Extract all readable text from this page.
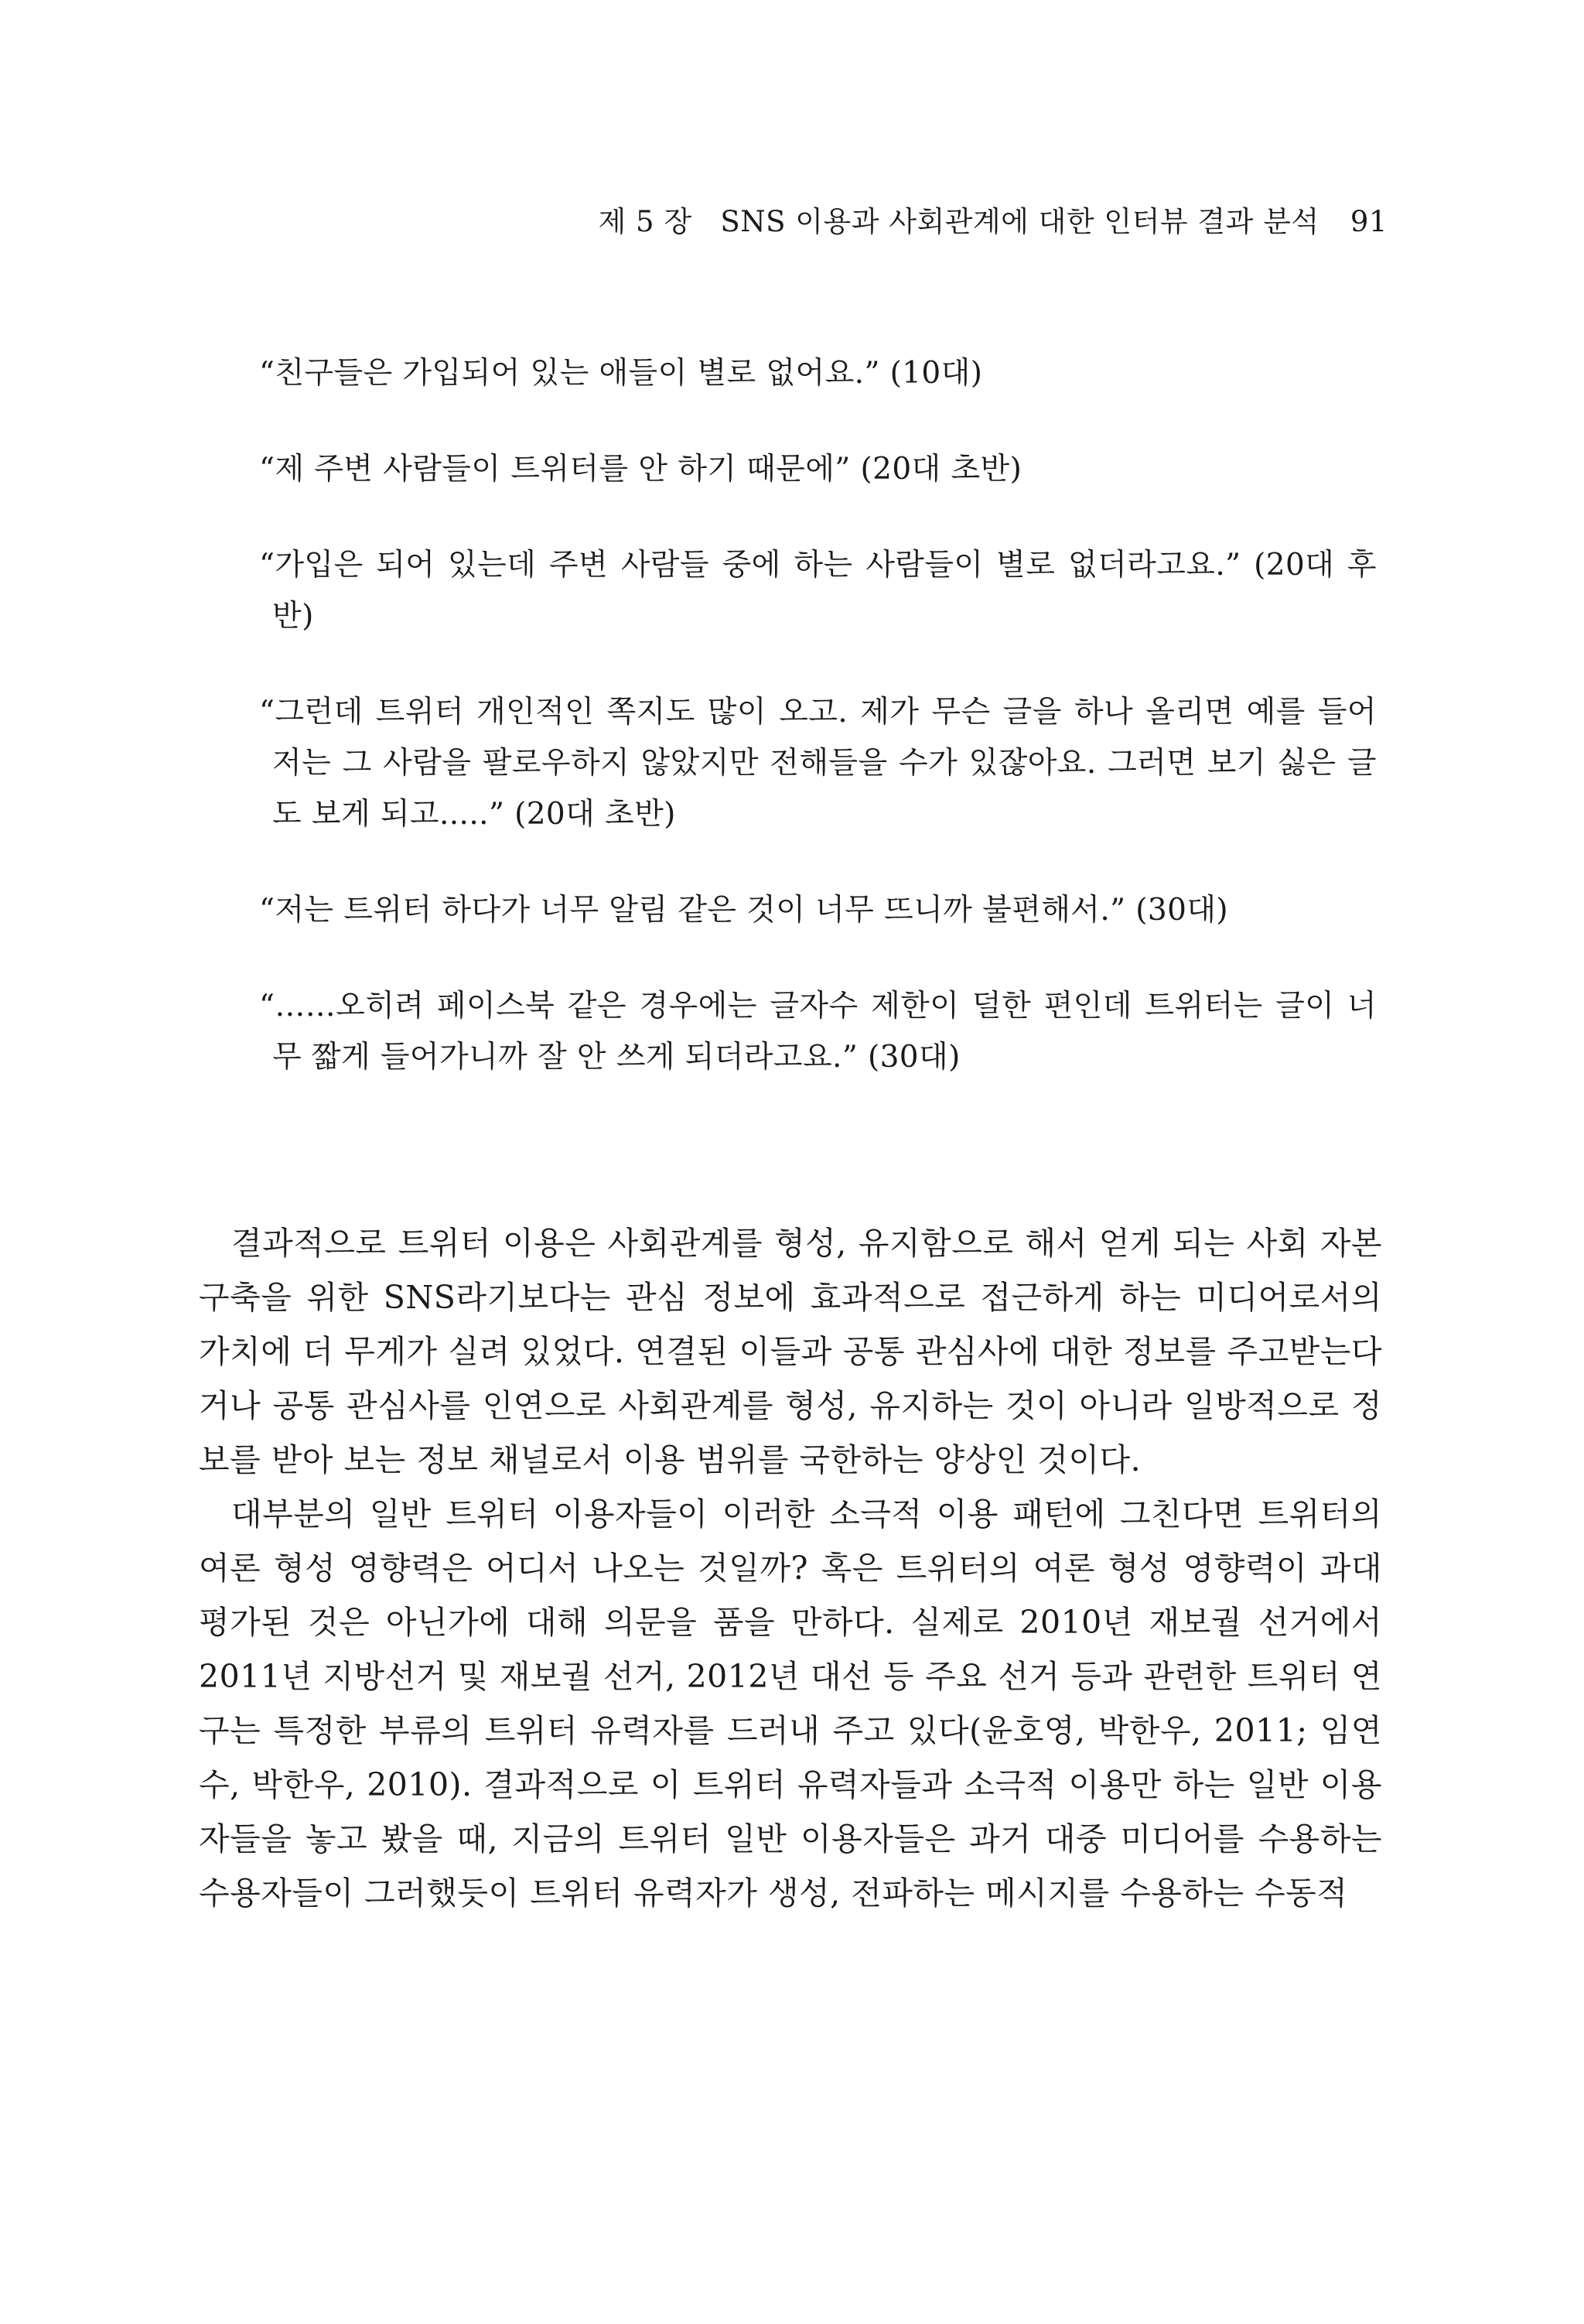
제 5 장 SNS 이용과 사회관계에 대한 인터뷰 결과 분석 91

“친구들은 가입되어 있는 애들이 별로 없어요.” (10대)

“제 주변 사람들이 트위터를 안 하기 때문에” (20대 초반)

“가입은 되어 있는데 주변 사람들 중에 하는 사람들이 별로 없더라고요.” (20대 후반)

“그런데 트위터 개인적인 쪽지도 많이 오고. 제가 무슨 글을 하나 올리면 예를 들어 저는 그 사람을 팔로우하지 않았지만 전해들을 수가 있잖아요. 그러면 보기 싫은 글도 보게 되고.....” (20대 초반)

“저는 트위터 하다가 너무 알림 같은 것이 너무 뜨니까 불편해서.” (30대)

“……오히려 페이스북 같은 경우에는 글자수 제한이 덜한 편인데 트위터는 글이 너무 짧게 들어가니까 잘 안 쓰게 되더라고요.” (30대)

결과적으로 트위터 이용은 사회관계를 형성, 유지함으로 해서 얻게 되는 사회 자본 구축을 위한 SNS라기보다는 관심 정보에 효과적으로 접근하게 하는 미디어로서의 가치에 더 무게가 실려 있었다. 연결된 이들과 공통 관심사에 대한 정보를 주고받는다거나 공통 관심사를 인연으로 사회관계를 형성, 유지하는 것이 아니라 일방적으로 정보를 받아 보는 정보 채널로서 이용 범위를 국한하는 양상인 것이다.

대부분의 일반 트위터 이용자들이 이러한 소극적 이용 패턴에 그친다면 트위터의 여론 형성 영향력은 어디서 나오는 것일까? 혹은 트위터의 여론 형성 영향력이 과대평가된 것은 아닌가에 대해 의문을 품을 만하다. 실제로 2010년 재보궐 선거에서 2011년 지방선거 및 재보궐 선거, 2012년 대선 등 주요 선거 등과 관련한 트위터 연구는 특정한 부류의 트위터 유력자를 드러내 주고 있다(윤호영, 박한우, 2011; 임연수, 박한우, 2010). 결과적으로 이 트위터 유력자들과 소극적 이용만 하는 일반 이용자들을 놓고 봤을 때, 지금의 트위터 일반 이용자들은 과거 대중 미디어를 수용하는 수용자들이 그러했듯이 트위터 유력자가 생성, 전파하는 메시지를 수용하는 수동적
